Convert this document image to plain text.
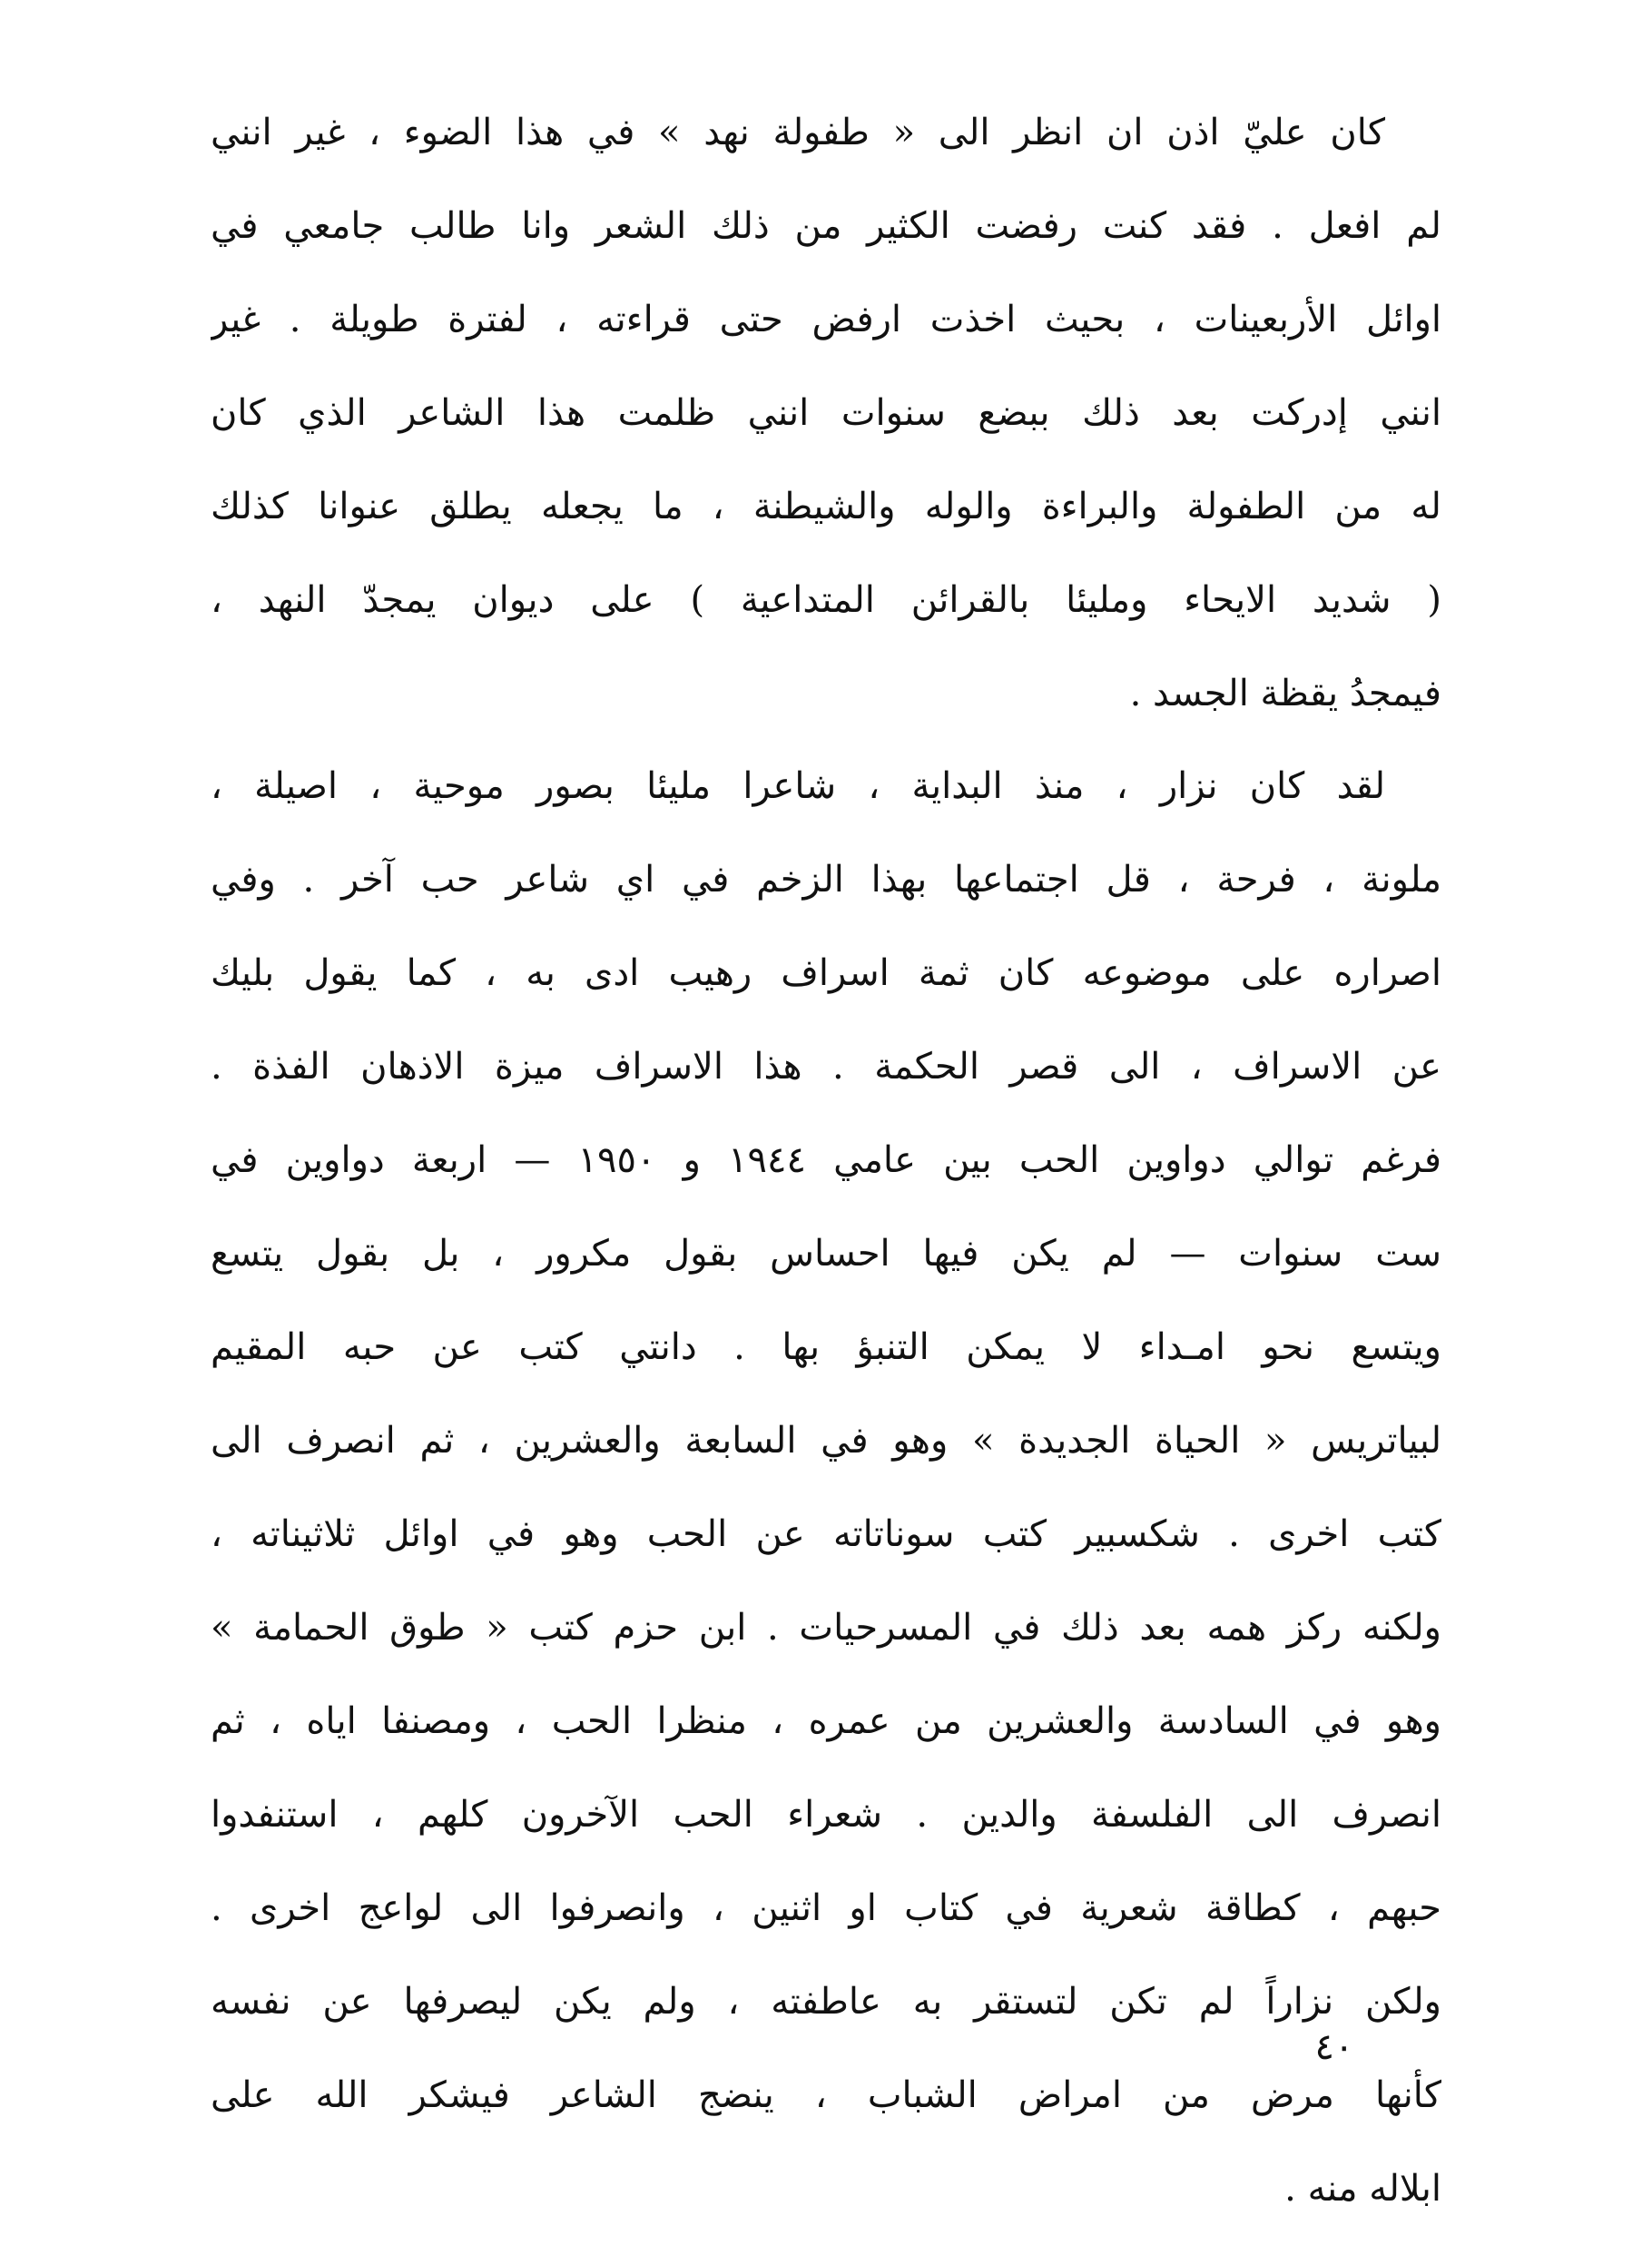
كان عليّ اذن ان انظر الى « طفولة نهد » في هذا الضوء ، غير انني
لم افعل . فقد كنت رفضت الكثير من ذلك الشعر وانا طالب جامعي في
اوائل الأربعينات ، بحيث اخذت ارفض حتى قراءته ، لفترة طويلة . غير
انني إدركت بعد ذلك ببضع سنوات انني ظلمت هذا الشاعر الذي كان
له من الطفولة والبراءة والوله والشيطنة ، ما يجعله يطلق عنوانا كذلك
( شديد الايحاء ومليئا بالقرائن المتداعية ) على ديوان يمجدّ النهد ،
فيمجدُ يقظة الجسد .
لقد كان نزار ، منذ البداية ، شاعرا مليئا بصور موحية ، اصيلة ،
ملونة ، فرحة ، قل اجتماعها بهذا الزخم في اي شاعر حب آخر . وفي
اصراره على موضوعه كان ثمة اسراف رهيب ادى به ، كما يقول بليك
عن الاسراف ، الى قصر الحكمة . هذا الاسراف ميزة الاذهان الفذة .
فرغم توالي دواوين الحب بين عامي ١٩٤٤ و ١٩٥٠ — اربعة دواوين في
ست سنوات — لم يكن فيها احساس بقول مكرور ، بل بقول يتسع
ويتسع نحو امـداء لا يمكن التنبؤ بها . دانتي كتب عن حبه المقيم
لبياتريس « الحياة الجديدة » وهو في السابعة والعشرين ، ثم انصرف الى
كتب اخرى . شكسبير كتب سوناتاته عن الحب وهو في اوائل ثلاثيناته ،
ولكنه ركز همه بعد ذلك في المسرحيات . ابن حزم كتب « طوق الحمامة »
وهو في السادسة والعشرين من عمره ، منظرا الحب ، ومصنفا اياه ، ثم
انصرف الى الفلسفة والدين . شعراء الحب الآخرون كلهم ، استنفدوا
حبهم ، كطاقة شعرية في كتاب او اثنين ، وانصرفوا الى لواعج اخرى .
ولكن نزاراً لم تكن لتستقر به عاطفته ، ولم يكن ليصرفها عن نفسه
كأنها مرض من امراض الشباب ، ينضج الشاعر فيشكر الله على
ابلاله منه .
٤٠
